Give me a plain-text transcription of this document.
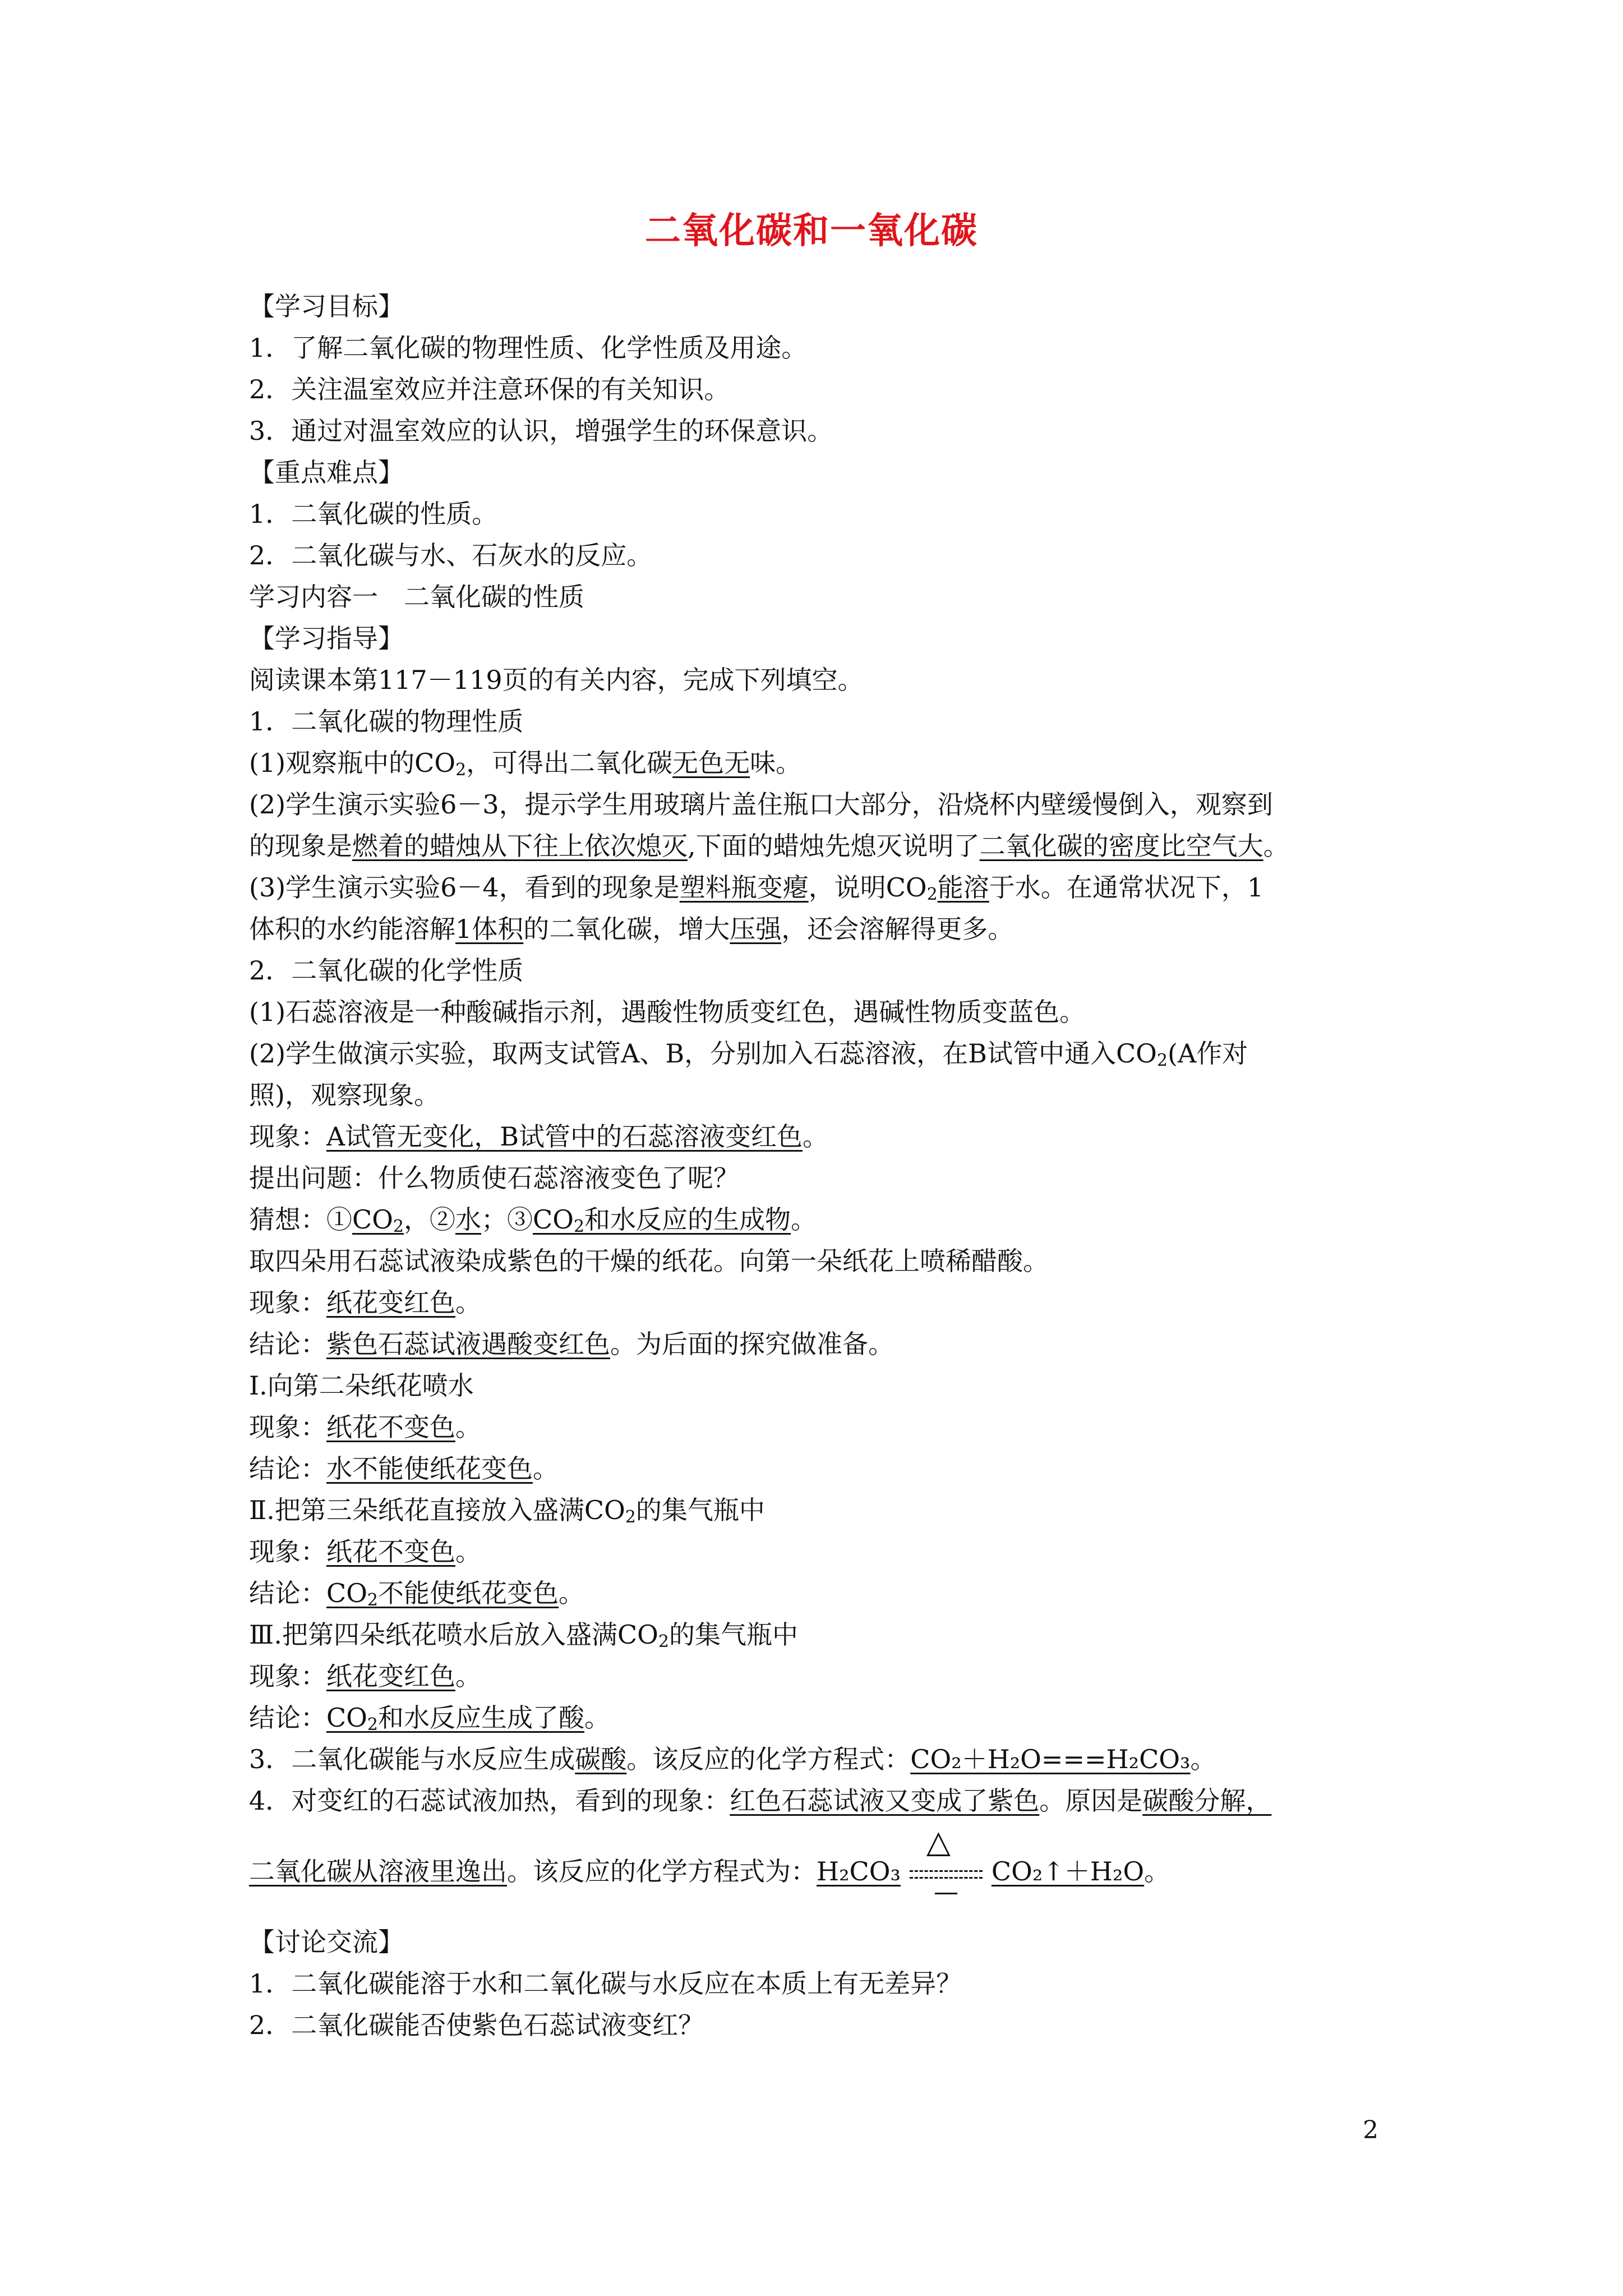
二氧化碳和一氧化碳
【学习目标】
1．了解二氧化碳的物理性质、化学性质及用途。
2．关注温室效应并注意环保的有关知识。
3．通过对温室效应的认识，增强学生的环保意识。
【重点难点】
1．二氧化碳的性质。
2．二氧化碳与水、石灰水的反应。
学习内容一　二氧化碳的性质
【学习指导】
阅读课本第117－119页的有关内容，完成下列填空。
1．二氧化碳的物理性质
(1)观察瓶中的$CO_2$，可得出二氧化碳无色无味。
(2)学生演示实验6－3，提示学生用玻璃片盖住瓶口大部分，沿烧杯内壁缓慢倒入，观察到
的现象是燃着的蜡烛从下往上依次熄灭,下面的蜡烛先熄灭说明了二氧化碳的密度比空气大。
(3)学生演示实验6－4，看到的现象是塑料瓶变瘪，说明$CO_2$能溶于水。在通常状况下，1
体积的水约能溶解1体积的二氧化碳，增大压强，还会溶解得更多。
2．二氧化碳的化学性质
(1)石蕊溶液是一种酸碱指示剂，遇酸性物质变红色，遇碱性物质变蓝色。
(2)学生做演示实验，取两支试管A、B，分别加入石蕊溶液，在B试管中通入$CO_2(A$作对
照)，观察现象。
现象：A试管无变化，B试管中的石蕊溶液变红色。
提出问题：什么物质使石蕊溶液变色了呢？
猜想：$①CO_2$，②水；$③CO_2$和水反应的生成物。
取四朵用石蕊试液染成紫色的干燥的纸花。向第一朵纸花上喷稀醋酸。
现象：纸花变红色。
结论：紫色石蕊试液遇酸变红色。为后面的探究做准备。
Ⅰ.向第二朵纸花喷水
现象：纸花不变色。
结论：水不能使纸花变色。
Ⅱ.把第三朵纸花直接放入盛满$CO_2$的集气瓶中
现象：纸花不变色。
结论：$CO_2$不能使纸花变色。
Ⅲ.把第四朵纸花喷水后放入盛满$CO_2$的集气瓶中
现象：纸花变红色。
结论：$CO_2$和水反应生成了酸。
3．二氧化碳能与水反应生成碳酸。该反应的化学方程式：CO₂＋H₂O===H₂CO₃。
4．对变红的石蕊试液加热，看到的现象：红色石蕊试液又变成了紫色。原因是碳酸分解，
二氧化碳从溶液里逸出。该反应的化学方程式为：H₂CO₃
△
CO₂↑＋H₂O。
【讨论交流】
1．二氧化碳能溶于水和二氧化碳与水反应在本质上有无差异？
2．二氧化碳能否使紫色石蕊试液变红？
2
